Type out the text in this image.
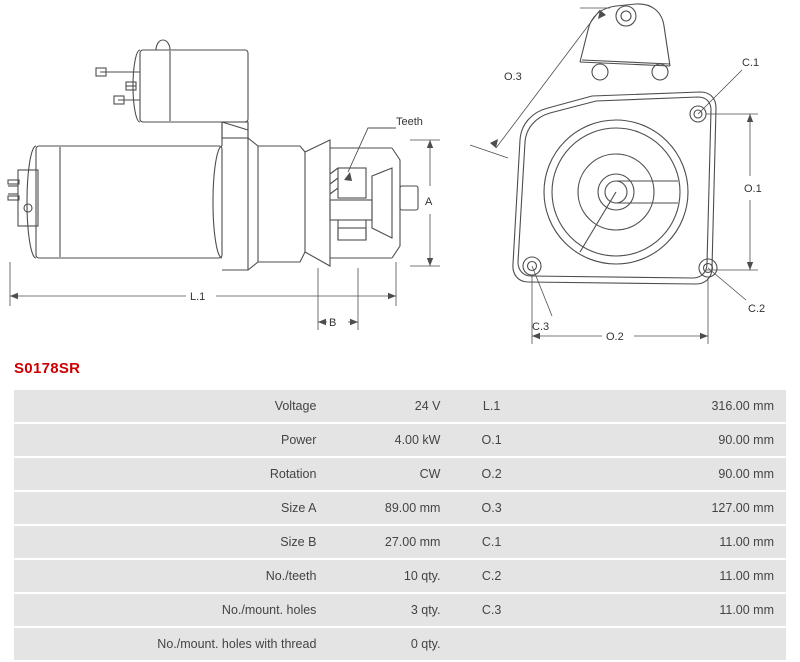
Teeth
A
L.1
B
O.3
O.1
O.2
C.1
C.2
C.3
S0178SR
Voltage	24 V	L.1	316.00 mm
Power	4.00 kW	O.1	90.00 mm
Rotation	CW	O.2	90.00 mm
Size A	89.00 mm	O.3	127.00 mm
Size B	27.00 mm	C.1	11.00 mm
No./teeth	10 qty.	C.2	11.00 mm
No./mount. holes	3 qty.	C.3	11.00 mm
No./mount. holes with thread	0 qty.		
